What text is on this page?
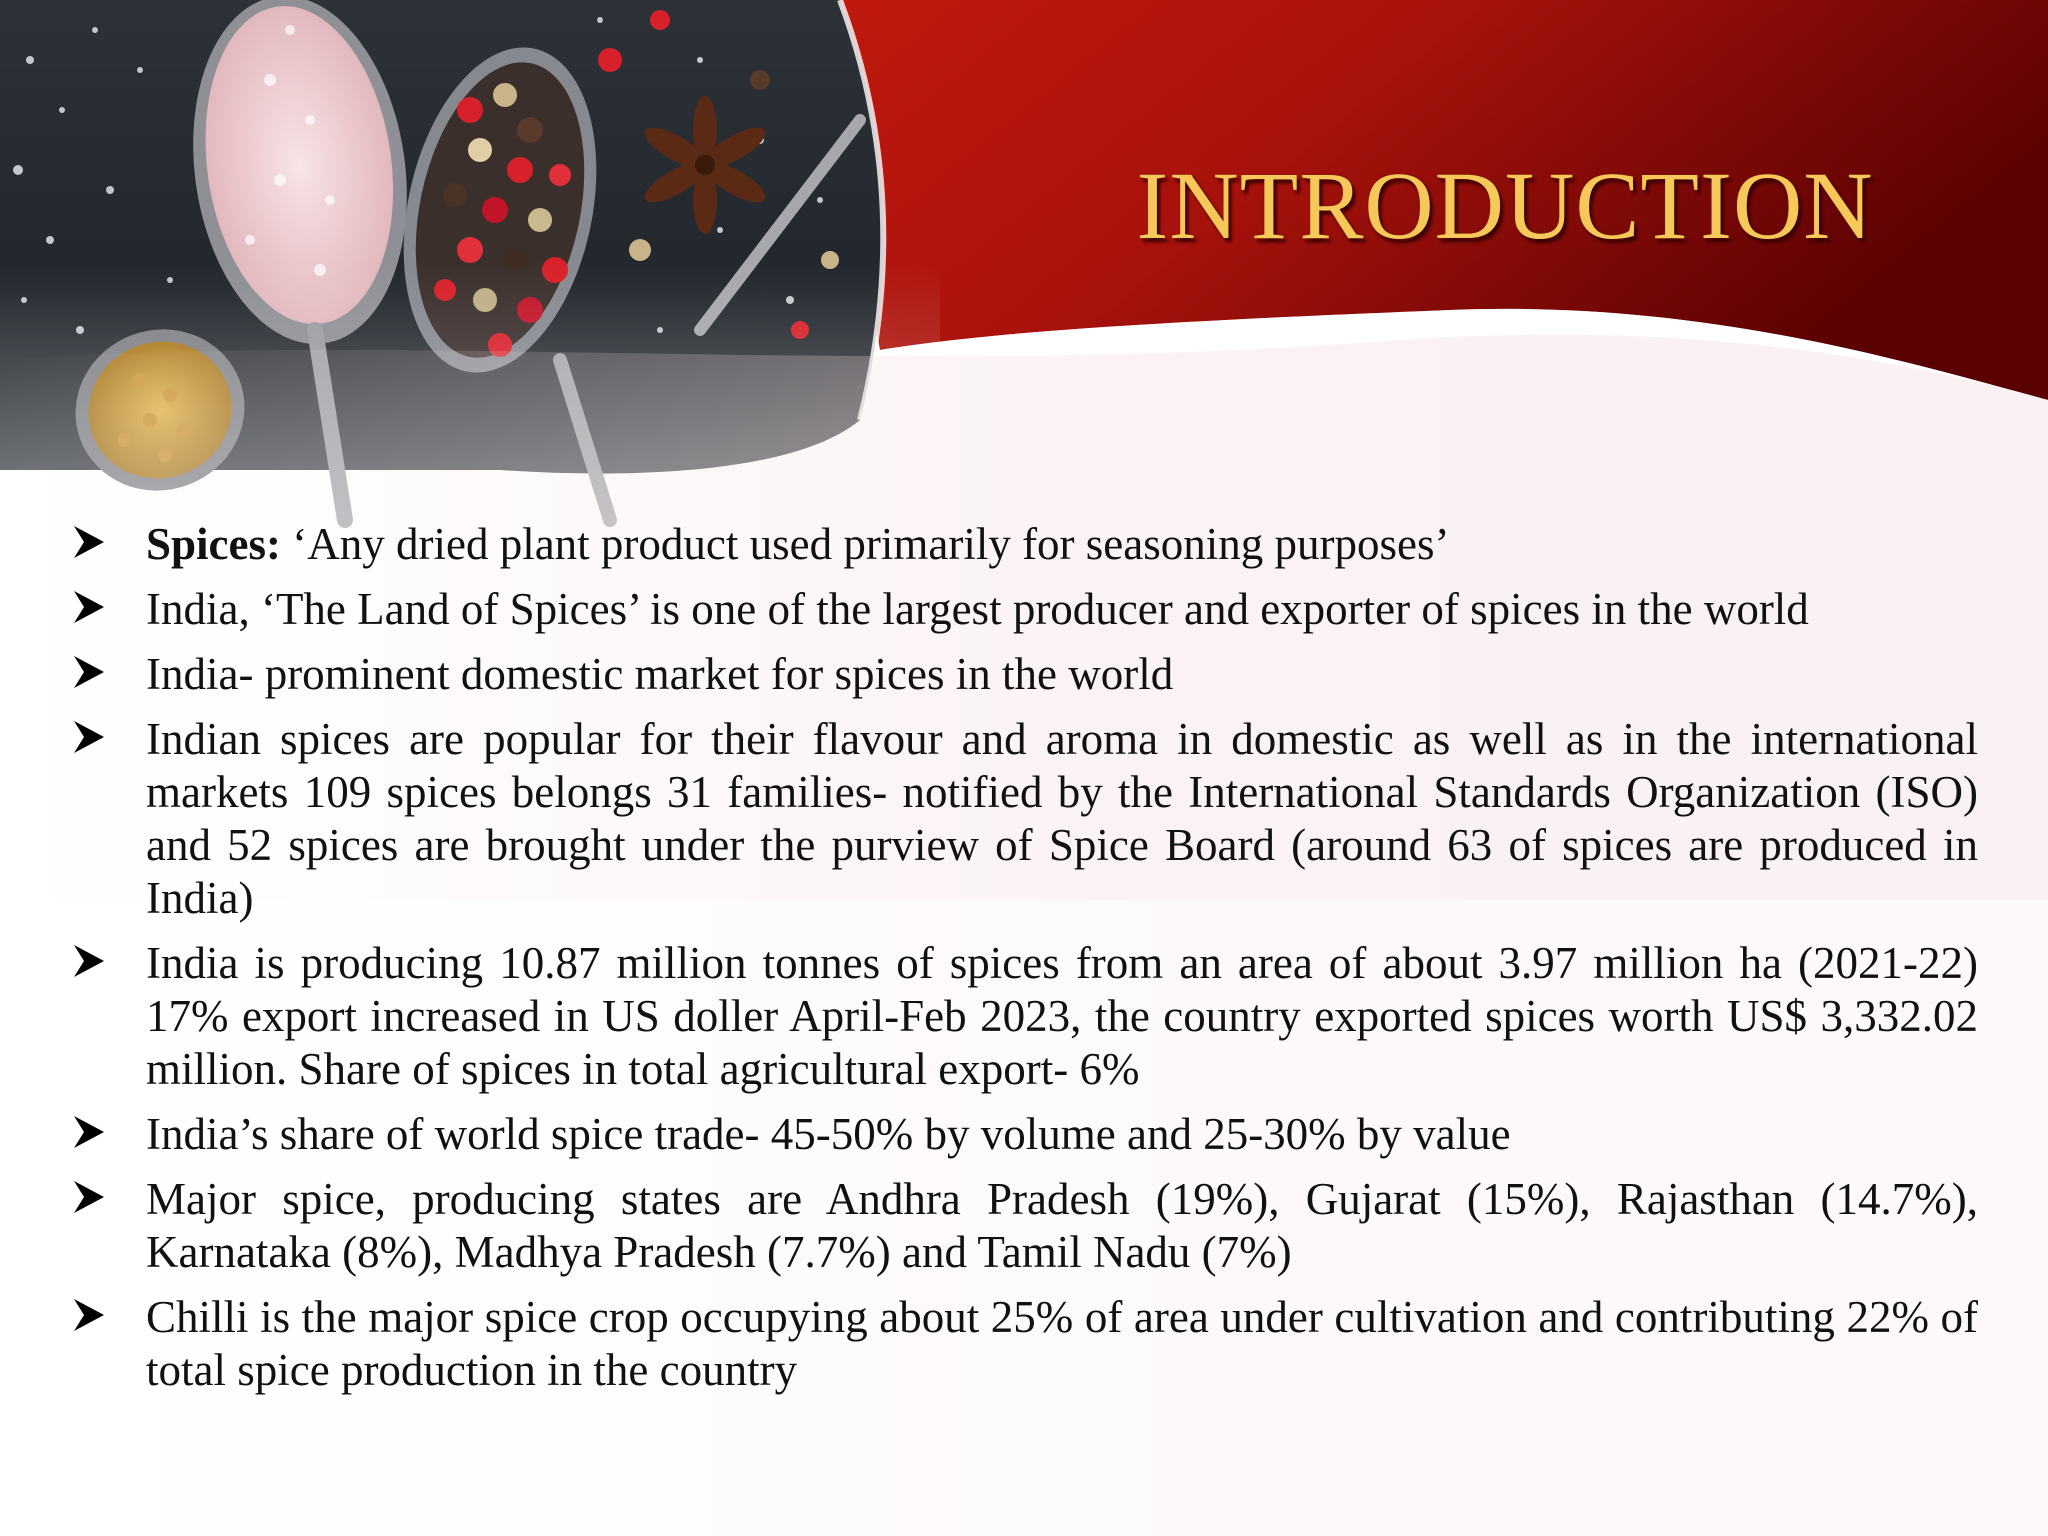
INTRODUCTION
Spices: ‘Any dried plant product used primarily for seasoning purposes’
India, ‘The Land of Spices’ is one of the largest producer and exporter of spices in the world
India- prominent domestic market for spices in the world
Indian spices are popular for their flavour and aroma in domestic as well as in the international markets 109 spices belongs 31 families- notified by the International Standards Organization (ISO) and 52 spices are brought under the purview of Spice Board (around 63 of spices are produced in India)
India is producing 10.87 million tonnes of spices from an area of about 3.97 million ha (2021-22) 17% export increased in US doller April-Feb 2023, the country exported spices worth US$ 3,332.02 million. Share of spices in total agricultural export- 6%
India’s share of world spice trade- 45-50% by volume and 25-30% by value
Major spice, producing states are Andhra Pradesh (19%), Gujarat (15%), Rajasthan (14.7%), Karnataka (8%), Madhya Pradesh (7.7%) and Tamil Nadu (7%)
Chilli is the major spice crop occupying about 25% of area under cultivation and contributing 22% of total spice production in the country
